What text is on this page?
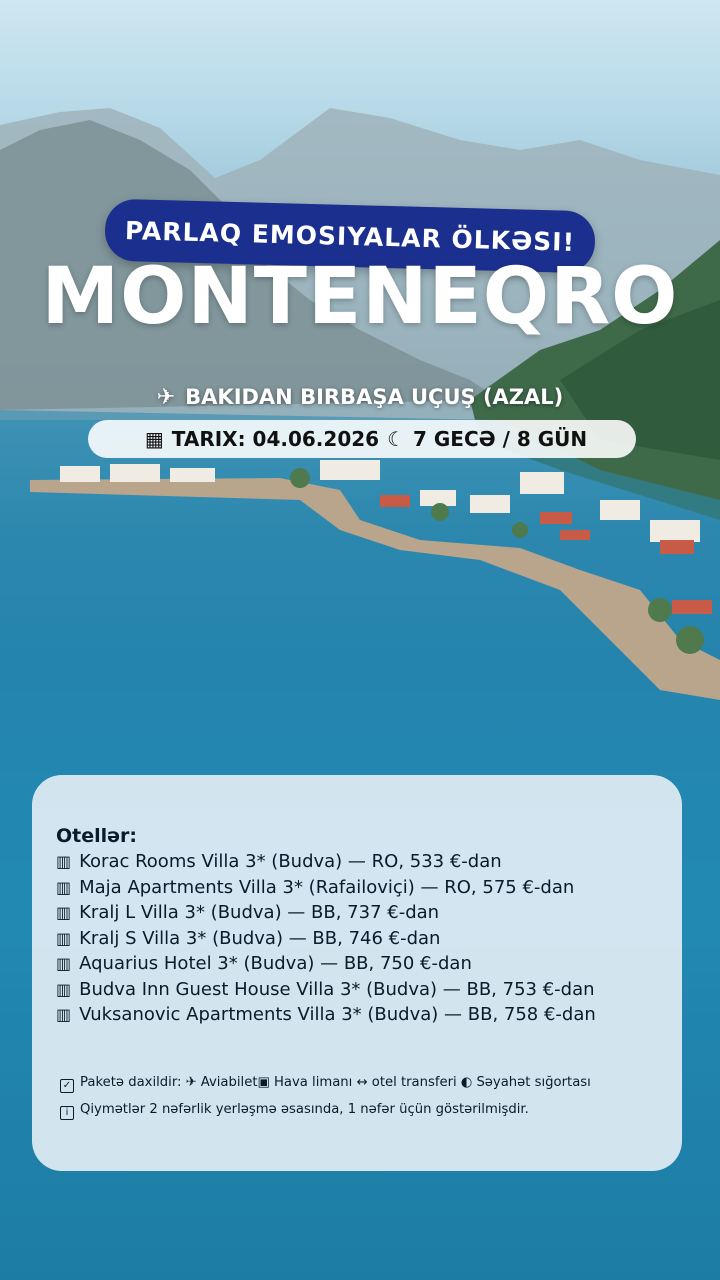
PARLAQ EMOSIYALAR ÖLKƏSI!
MONTENEQRO
✈ BAKIDAN BIRBAŞA UÇUŞ (AZAL)
▦ TARIX: 04.06.2026 ☾ 7 GECƏ / 8 GÜN
Otellər:
▥ Korac Rooms Villa 3* (Budva) — RO, 533 €-dan
▥ Maja Apartments Villa 3* (Rafailoviçi) — RO, 575 €-dan
▥ Kralj L Villa 3* (Budva) — BB, 737 €-dan
▥ Kralj S Villa 3* (Budva) — BB, 746 €-dan
▥ Aquarius Hotel 3* (Budva) — BB, 750 €-dan
▥ Budva Inn Guest House Villa 3* (Budva) — BB, 753 €-dan
▥ Vuksanovic Apartments Villa 3* (Budva) — BB, 758 €-dan
✓ Paketə daxildir: ✈ Aviabilet▣ Hava limanı ↔ otel transferi ◐ Səyahət sığortası
i Qiymətlər 2 nəfərlik yerləşmə əsasında, 1 nəfər üçün göstərilmişdir.
